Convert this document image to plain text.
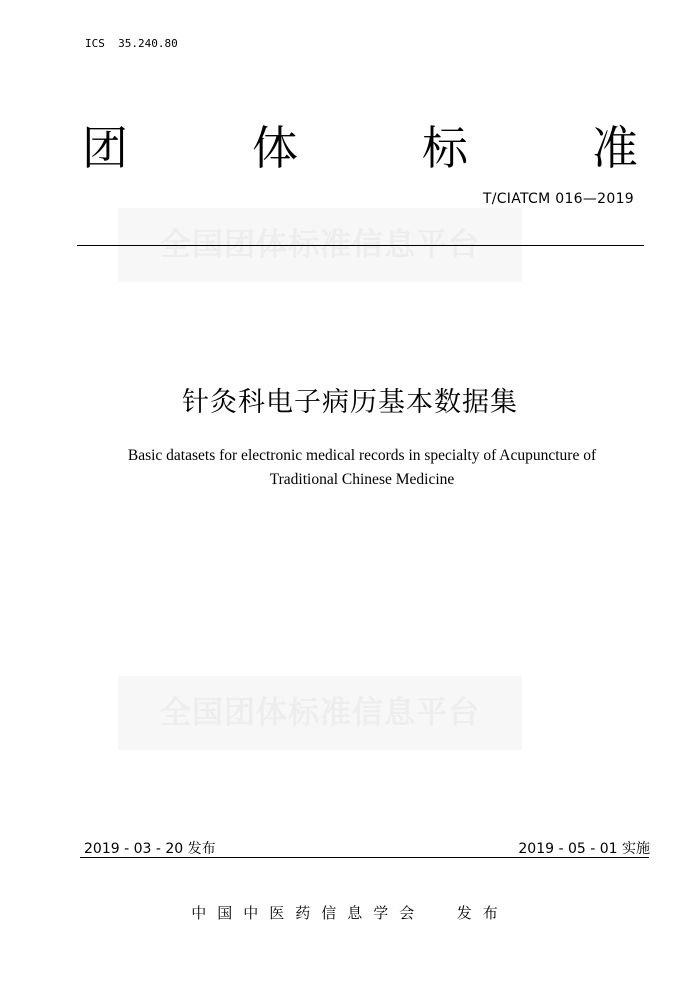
ICS  35.240.80
团	体	标	准
T/CIATCM 016—2019
全国团体标准信息平台
针灸科电子病历基本数据集
Basic datasets for electronic medical records in specialty of Acupuncture of
Traditional Chinese Medicine
全国团体标准信息平台
2019 - 03 - 20 发布	2019 - 05 - 01 实施
中国中医药信息学会  发布
